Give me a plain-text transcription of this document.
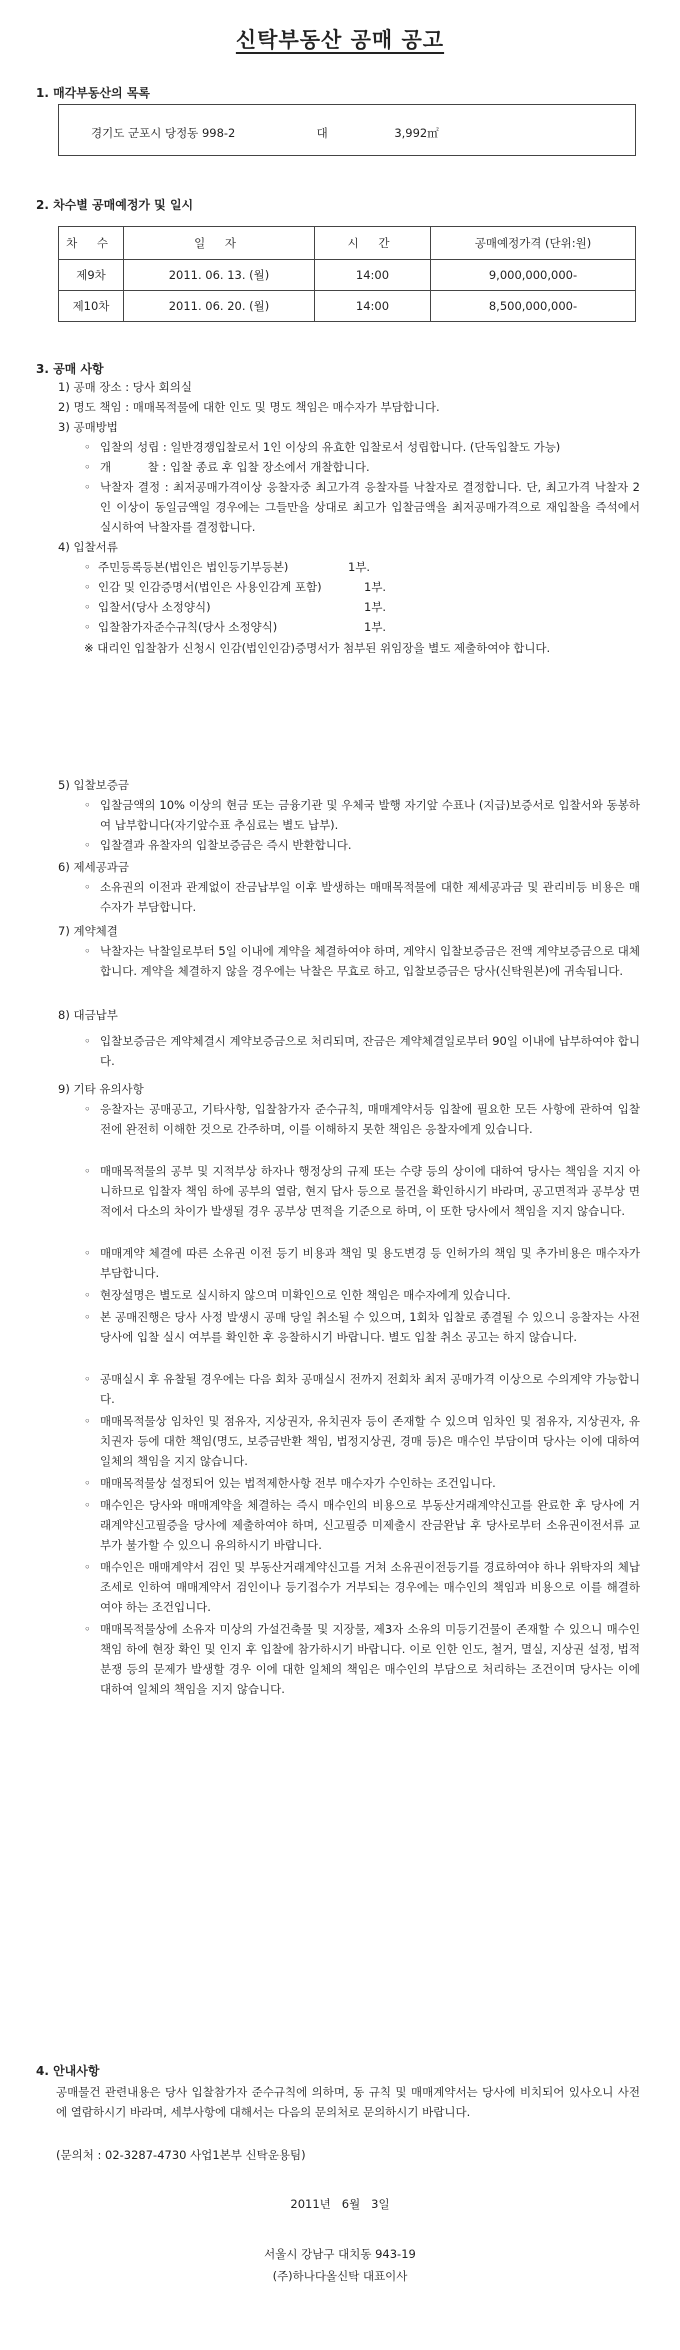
신탁부동산 공매 공고
1. 매각부동산의 목록
경기도 군포시 당정동 998-2	대	3,992㎡
2. 차수별 공매예정가 및 일시
차 수	일 자	시 간	공매예정가격 (단위:원)
제9차	2011. 06. 13. (월)	14:00	9,000,000,000-
제10차	2011. 06. 20. (월)	14:00	8,500,000,000-
3. 공매 사항
1) 공매 장소 : 당사 회의실
2) 명도 책임 : 매매목적물에 대한 인도 및 명도 책임은 매수자가 부담합니다.
3) 공매방법
◦ 입찰의 성립 : 일반경쟁입찰로서 1인 이상의 유효한 입찰로서 성립합니다. (단독입찰도 가능)
◦ 개          찰 : 입찰 종료 후 입찰 장소에서 개찰합니다.
◦ 낙찰자 결정 : 최저공매가격이상 응찰자중 최고가격 응찰자를 낙찰자로 결정합니다. 단, 최고가격 낙찰자 2인 이상이 동일금액일 경우에는 그들만을 상대로 최고가 입찰금액을 최저공매가격으로 재입찰을 즉석에서 실시하여 낙찰자를 결정합니다.
4) 입찰서류
◦ 주민등록등본(법인은 법인등기부등본)	1부.
◦ 인감 및 인감증명서(법인은 사용인감계 포함)	1부.
◦ 입찰서(당사 소정양식)	1부.
◦ 입찰참가자준수규칙(당사 소정양식)	1부.
※ 대리인 입찰참가 신청시 인감(법인인감)증명서가 첨부된 위임장을 별도 제출하여야 합니다.
5) 입찰보증금
◦ 입찰금액의 10% 이상의 현금 또는 금융기관 및 우체국 발행 자기앞 수표나 (지급)보증서로 입찰서와 동봉하여 납부합니다(자기앞수표 추심료는 별도 납부).
◦ 입찰결과 유찰자의 입찰보증금은 즉시 반환합니다.
6) 제세공과금
◦ 소유권의 이전과 관계없이 잔금납부일 이후 발생하는 매매목적물에 대한 제세공과금 및 관리비등 비용은 매수자가 부담합니다.
7) 계약체결
◦ 낙찰자는 낙찰일로부터 5일 이내에 계약을 체결하여야 하며, 계약시 입찰보증금은 전액 계약보증금으로 대체합니다. 계약을 체결하지 않을 경우에는 낙찰은 무효로 하고, 입찰보증금은 당사(신탁원본)에 귀속됩니다.
8) 대금납부
◦ 입찰보증금은 계약체결시 계약보증금으로 처리되며, 잔금은 계약체결일로부터 90일 이내에 납부하여야 합니다.
9) 기타 유의사항
◦ 응찰자는 공매공고, 기타사항, 입찰참가자 준수규칙, 매매계약서등 입찰에 필요한 모든 사항에 관하여 입찰 전에 완전히 이해한 것으로 간주하며, 이를 이해하지 못한 책임은 응찰자에게 있습니다.
◦ 매매목적물의 공부 및 지적부상 하자나 행정상의 규제 또는 수량 등의 상이에 대하여 당사는 책임을 지지 아니하므로 입찰자 책임 하에 공부의 열람, 현지 답사 등으로 물건을 확인하시기 바라며, 공고면적과 공부상 면적에서 다소의 차이가 발생될 경우 공부상 면적을 기준으로 하며, 이 또한 당사에서 책임을 지지 않습니다.
◦ 매매계약 체결에 따른 소유권 이전 등기 비용과 책임 및 용도변경 등 인허가의 책임 및 추가비용은 매수자가 부담합니다.
◦ 현장설명은 별도로 실시하지 않으며 미확인으로 인한 책임은 매수자에게 있습니다.
◦ 본 공매진행은 당사 사정 발생시 공매 당일 취소될 수 있으며, 1회차 입찰로 종결될 수 있으니 응찰자는 사전 당사에 입찰 실시 여부를 확인한 후 응찰하시기 바랍니다. 별도 입찰 취소 공고는 하지 않습니다.
◦ 공매실시 후 유찰될 경우에는 다음 회차 공매실시 전까지 전회차 최저 공매가격 이상으로 수의계약 가능합니다.
◦ 매매목적물상 임차인 및 점유자, 지상권자, 유치권자 등이 존재할 수 있으며 임차인 및 점유자, 지상권자, 유치권자 등에 대한 책임(명도, 보증금반환 책임, 법정지상권, 경매 등)은 매수인 부담이며 당사는 이에 대하여 일체의 책임을 지지 않습니다.
◦ 매매목적물상 설정되어 있는 법적제한사항 전부 매수자가 수인하는 조건입니다.
◦ 매수인은 당사와 매매계약을 체결하는 즉시 매수인의 비용으로 부동산거래계약신고를 완료한 후 당사에 거래계약신고필증을 당사에 제출하여야 하며, 신고필증 미제출시 잔금완납 후 당사로부터 소유권이전서류 교부가 불가할 수 있으니 유의하시기 바랍니다.
◦ 매수인은 매매계약서 검인 및 부동산거래계약신고를 거쳐 소유권이전등기를 경료하여야 하나 위탁자의 체납조세로 인하여 매매계약서 검인이나 등기접수가 거부되는 경우에는 매수인의 책임과 비용으로 이를 해결하여야 하는 조건입니다.
◦ 매매목적물상에 소유자 미상의 가설건축물 및 지장물, 제3자 소유의 미등기건물이 존재할 수 있으니 매수인 책임 하에 현장 확인 및 인지 후 입찰에 참가하시기 바랍니다. 이로 인한 인도, 철거, 멸실, 지상권 설정, 법적 분쟁 등의 문제가 발생할 경우 이에 대한 일체의 책임은 매수인의 부담으로 처리하는 조건이며 당사는 이에 대하여 일체의 책임을 지지 않습니다.
4. 안내사항
공매물건 관련내용은 당사 입찰참가자 준수규칙에 의하며, 동 규칙 및 매매계약서는 당사에 비치되어 있사오니 사전에 열람하시기 바라며, 세부사항에 대해서는 다음의 문의처로 문의하시기 바랍니다.
(문의처 : 02-3287-4730 사업1본부 신탁운용팀)
2011년   6월   3일
서울시 강남구 대치동 943-19
(주)하나다올신탁 대표이사
